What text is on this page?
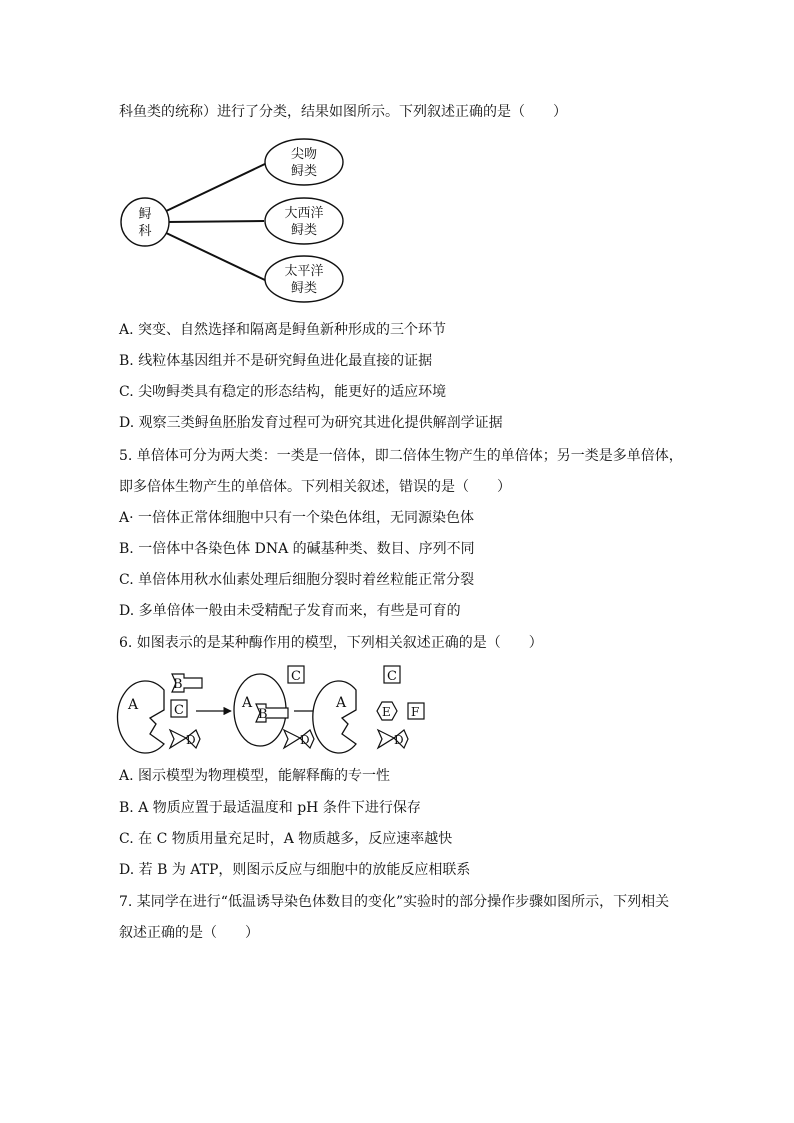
科鱼类的统称）进行了分类，结果如图所示。下列叙述正确的是（　　）
鲟
科
尖吻
鲟类
大西洋
鲟类
太平洋
鲟类
A. 突变、自然选择和隔离是鲟鱼新种形成的三个环节
B. 线粒体基因组并不是研究鲟鱼进化最直接的证据
C. 尖吻鲟类具有稳定的形态结构，能更好的适应环境
D. 观察三类鲟鱼胚胎发育过程可为研究其进化提供解剖学证据
5. 单倍体可分为两大类：一类是一倍体，即二倍体生物产生的单倍体；另一类是多单倍体，
即多倍体生物产生的单倍体。下列相关叙述，错误的是（　　）
A· 一倍体正常体细胞中只有一个染色体组，无同源染色体
B. 一倍体中各染色体 DNA 的碱基种类、数目、序列不同
C. 单倍体用秋水仙素处理后细胞分裂时着丝粒能正常分裂
D. 多单倍体一般由未受精配子发育而来，有些是可育的
6. 如图表示的是某种酶作用的模型，下列相关叙述正确的是（　　）
A
B
C
D
A
B
C
D
A
C
E F
D
A. 图示模型为物理模型，能解释酶的专一性
B. A 物质应置于最适温度和 pH 条件下进行保存
C. 在 C 物质用量充足时，A 物质越多，反应速率越快
D. 若 B 为 ATP，则图示反应与细胞中的放能反应相联系
7. 某同学在进行“低温诱导染色体数目的变化”实验时的部分操作步骤如图所示，下列相关
叙述正确的是（　　）
